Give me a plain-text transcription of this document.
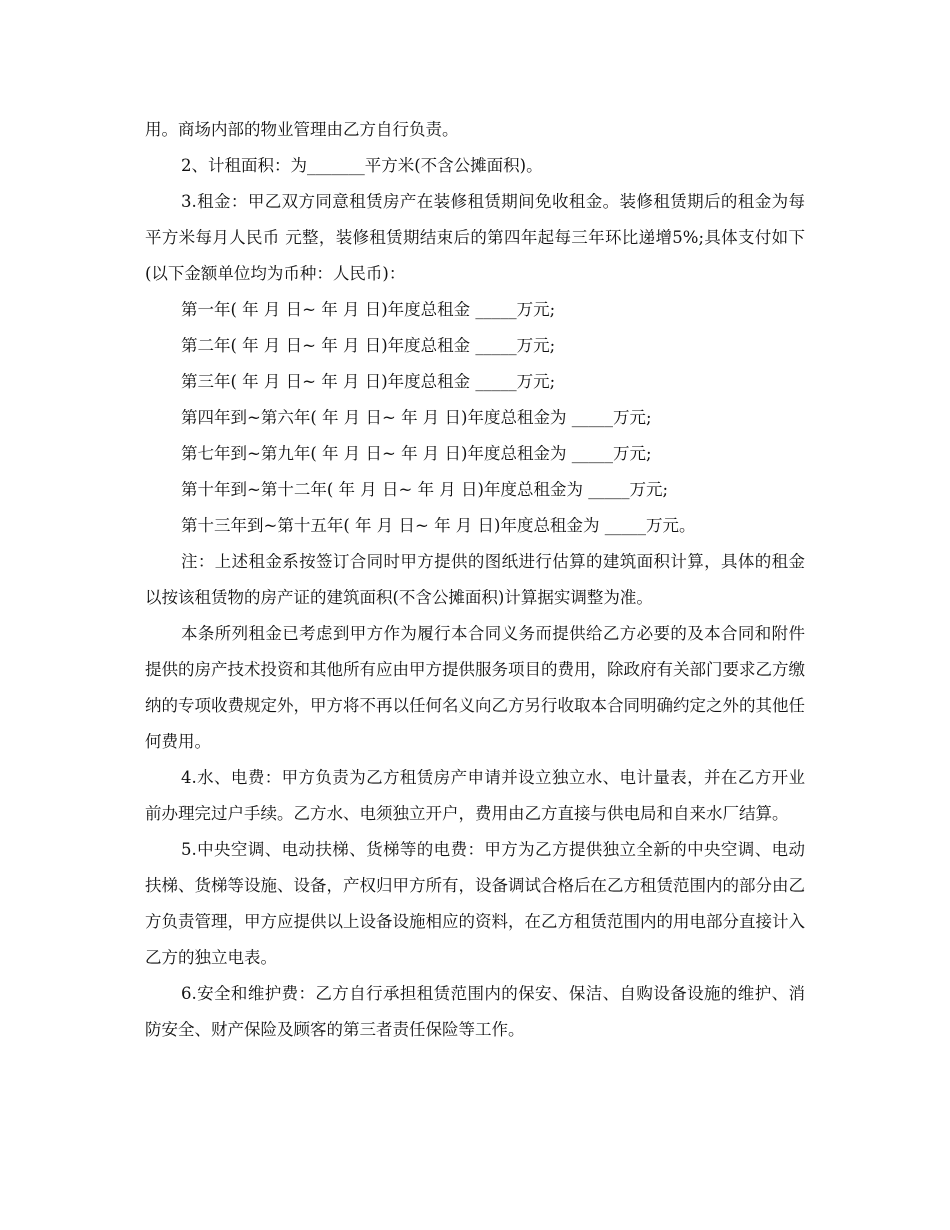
用。商场内部的物业管理由乙方自行负责。

2、计租面积：为_______平方米(不含公摊面积)。

3.租金：甲乙双方同意租赁房产在装修租赁期间免收租金。装修租赁期后的租金为每平方米每月人民币 元整，装修租赁期结束后的第四年起每三年环比递增5%;具体支付如下(以下金额单位均为币种：人民币)：

第一年( 年 月 日~ 年 月 日)年度总租金 _____万元;

第二年( 年 月 日~ 年 月 日)年度总租金 _____万元;

第三年( 年 月 日~ 年 月 日)年度总租金 _____万元;

第四年到~第六年( 年 月 日~ 年 月 日)年度总租金为 _____万元;

第七年到~第九年( 年 月 日~ 年 月 日)年度总租金为 _____万元;

第十年到~第十二年( 年 月 日~ 年 月 日)年度总租金为 _____万元;

第十三年到~第十五年( 年 月 日~ 年 月 日)年度总租金为 _____万元。

注：上述租金系按签订合同时甲方提供的图纸进行估算的建筑面积计算，具体的租金以按该租赁物的房产证的建筑面积(不含公摊面积)计算据实调整为准。

本条所列租金已考虑到甲方作为履行本合同义务而提供给乙方必要的及本合同和附件提供的房产技术投资和其他所有应由甲方提供服务项目的费用，除政府有关部门要求乙方缴纳的专项收费规定外，甲方将不再以任何名义向乙方另行收取本合同明确约定之外的其他任何费用。

4.水、电费：甲方负责为乙方租赁房产申请并设立独立水、电计量表，并在乙方开业前办理完过户手续。乙方水、电须独立开户，费用由乙方直接与供电局和自来水厂结算。

5.中央空调、电动扶梯、货梯等的电费：甲方为乙方提供独立全新的中央空调、电动扶梯、货梯等设施、设备，产权归甲方所有，设备调试合格后在乙方租赁范围内的部分由乙方负责管理，甲方应提供以上设备设施相应的资料，在乙方租赁范围内的用电部分直接计入乙方的独立电表。

6.安全和维护费：乙方自行承担租赁范围内的保安、保洁、自购设备设施的维护、消防安全、财产保险及顾客的第三者责任保险等工作。
